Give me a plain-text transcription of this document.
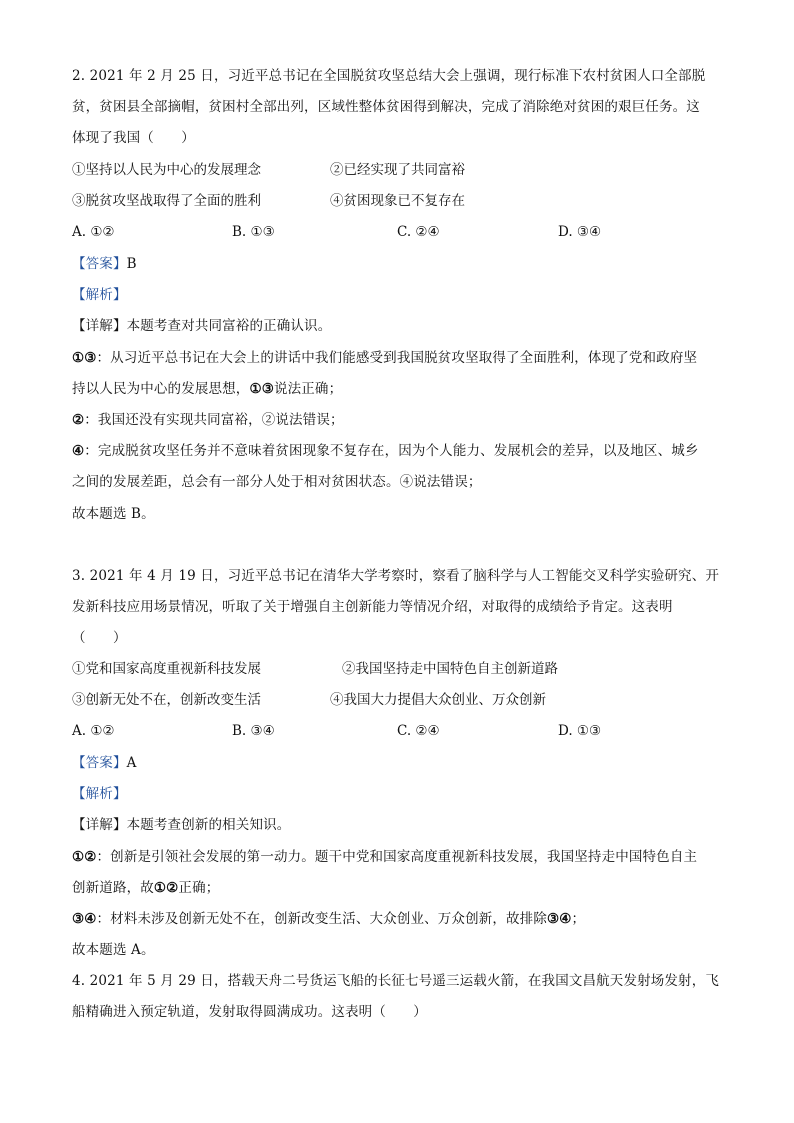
2. 2021 年 2 月 25 日，习近平总书记在全国脱贫攻坚总结大会上强调，现行标准下农村贫困人口全部脱
贫，贫困县全部摘帽，贫困村全部出列，区域性整体贫困得到解决，完成了消除绝对贫困的艰巨任务。这
体现了我国（　　）
①坚持以人民为中心的发展理念	②已经实现了共同富裕
③脱贫攻坚战取得了全面的胜利	④贫困现象已不复存在
A. ①②	B. ①③	C. ②④	D. ③④
【答案】B
【解析】
【详解】本题考查对共同富裕的正确认识。
①③：从习近平总书记在大会上的讲话中我们能感受到我国脱贫攻坚取得了全面胜利，体现了党和政府坚
持以人民为中心的发展思想，①③说法正确；
②：我国还没有实现共同富裕，②说法错误；
④：完成脱贫攻坚任务并不意味着贫困现象不复存在，因为个人能力、发展机会的差异，以及地区、城乡
之间的发展差距，总会有一部分人处于相对贫困状态。④说法错误；
故本题选 B。
3. 2021 年 4 月 19 日，习近平总书记在清华大学考察时，察看了脑科学与人工智能交叉科学实验研究、开
发新科技应用场景情况，听取了关于增强自主创新能力等情况介绍，对取得的成绩给予肯定。这表明
（　　）
①党和国家高度重视新科技发展	②我国坚持走中国特色自主创新道路
③创新无处不在，创新改变生活	④我国大力提倡大众创业、万众创新
A. ①②	B. ③④	C. ②④	D. ①③
【答案】A
【解析】
【详解】本题考查创新的相关知识。
①②：创新是引领社会发展的第一动力。题干中党和国家高度重视新科技发展，我国坚持走中国特色自主
创新道路，故①②正确；
③④：材料未涉及创新无处不在，创新改变生活、大众创业、万众创新，故排除③④；
故本题选 A。
4. 2021 年 5 月 29 日，搭载天舟二号货运飞船的长征七号遥三运载火箭，在我国文昌航天发射场发射，飞
船精确进入预定轨道，发射取得圆满成功。这表明（　　）
